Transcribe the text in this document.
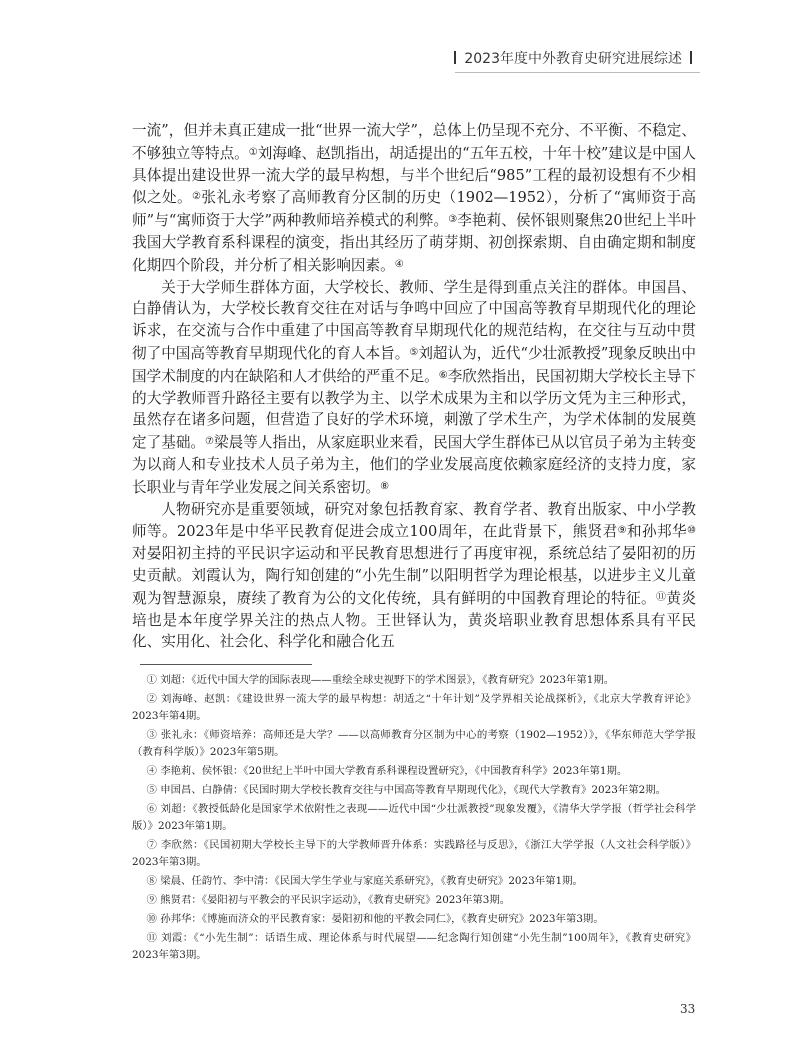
2023年度中外教育史研究进展综述

一流”，但并未真正建成一批“世界一流大学”，总体上仍呈现不充分、不平衡、不稳定、不够独立等特点。①刘海峰、赵凯指出，胡适提出的“五年五校，十年十校”建议是中国人具体提出建设世界一流大学的最早构想，与半个世纪后“985”工程的最初设想有不少相似之处。②张礼永考察了高师教育分区制的历史（1902—1952），分析了“寓师资于高师”与“寓师资于大学”两种教师培养模式的利弊。③李艳莉、侯怀银则聚焦20世纪上半叶我国大学教育系科课程的演变，指出其经历了萌芽期、初创探索期、自由确定期和制度化期四个阶段，并分析了相关影响因素。④

关于大学师生群体方面，大学校长、教师、学生是得到重点关注的群体。申国昌、白静倩认为，大学校长教育交往在对话与争鸣中回应了中国高等教育早期现代化的理论诉求，在交流与合作中重建了中国高等教育早期现代化的规范结构，在交往与互动中贯彻了中国高等教育早期现代化的育人本旨。⑤刘超认为，近代“少壮派教授”现象反映出中国学术制度的内在缺陷和人才供给的严重不足。⑥李欣然指出，民国初期大学校长主导下的大学教师晋升路径主要有以教学为主、以学术成果为主和以学历文凭为主三种形式，虽然存在诸多问题，但营造了良好的学术环境，刺激了学术生产，为学术体制的发展奠定了基础。⑦梁晨等人指出，从家庭职业来看，民国大学生群体已从以官员子弟为主转变为以商人和专业技术人员子弟为主，他们的学业发展高度依赖家庭经济的支持力度，家长职业与青年学业发展之间关系密切。⑧

人物研究亦是重要领域，研究对象包括教育家、教育学者、教育出版家、中小学教师等。2023年是中华平民教育促进会成立100周年，在此背景下，熊贤君⑨和孙邦华⑩对晏阳初主持的平民识字运动和平民教育思想进行了再度审视，系统总结了晏阳初的历史贡献。刘霞认为，陶行知创建的“小先生制”以阳明哲学为理论根基，以进步主义儿童观为智慧源泉，赓续了教育为公的文化传统，具有鲜明的中国教育理论的特征。⑪黄炎培也是本年度学界关注的热点人物。王世铎认为，黄炎培职业教育思想体系具有平民化、实用化、社会化、科学化和融合化五

① 刘超：《近代中国大学的国际表现——重绘全球史视野下的学术图景》，《教育研究》2023年第1期。
② 刘海峰、赵凯：《建设世界一流大学的最早构想：胡适之“十年计划”及学界相关论战探析》，《北京大学教育评论》2023年第4期。
③ 张礼永：《师资培养：高师还是大学？——以高师教育分区制为中心的考察（1902—1952）》，《华东师范大学学报（教育科学版）》2023年第5期。
④ 李艳莉、侯怀银：《20世纪上半叶中国大学教育系科课程设置研究》，《中国教育科学》2023年第1期。
⑤ 申国昌、白静倩：《民国时期大学校长教育交往与中国高等教育早期现代化》，《现代大学教育》2023年第2期。
⑥ 刘超：《教授低龄化是国家学术依附性之表现——近代中国“少壮派教授”现象发覆》，《清华大学学报（哲学社会科学版）》2023年第1期。
⑦ 李欣然：《民国初期大学校长主导下的大学教师晋升体系：实践路径与反思》，《浙江大学学报（人文社会科学版）》2023年第3期。
⑧ 梁晨、任韵竹、李中清：《民国大学生学业与家庭关系研究》，《教育史研究》2023年第1期。
⑨ 熊贤君：《晏阳初与平教会的平民识字运动》，《教育史研究》2023年第3期。
⑩ 孙邦华：《博施而济众的平民教育家：晏阳初和他的平教会同仁》，《教育史研究》2023年第3期。
⑪ 刘霞：《“小先生制”：话语生成、理论体系与时代展望——纪念陶行知创建“小先生制”100周年》，《教育史研究》2023年第3期。
33
